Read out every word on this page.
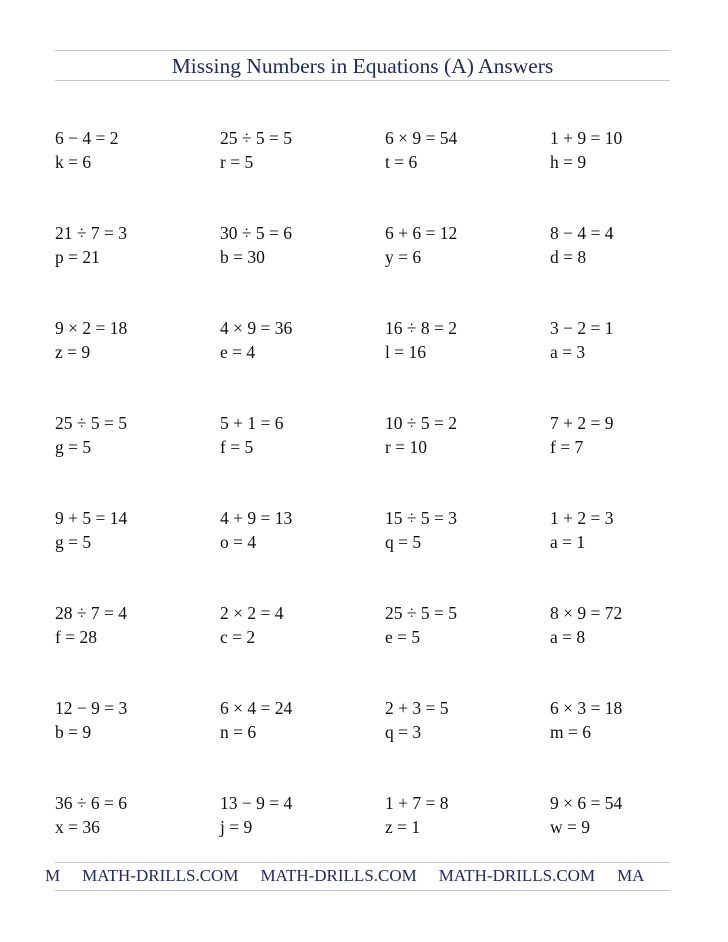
Missing Numbers in Equations (A) Answers
6 − 4 = 2
k = 6
25 ÷ 5 = 5
r = 5
6 × 9 = 54
t = 6
1 + 9 = 10
h = 9
21 ÷ 7 = 3
p = 21
30 ÷ 5 = 6
b = 30
6 + 6 = 12
y = 6
8 − 4 = 4
d = 8
9 × 2 = 18
z = 9
4 × 9 = 36
e = 4
16 ÷ 8 = 2
l = 16
3 − 2 = 1
a = 3
25 ÷ 5 = 5
g = 5
5 + 1 = 6
f = 5
10 ÷ 5 = 2
r = 10
7 + 2 = 9
f = 7
9 + 5 = 14
g = 5
4 + 9 = 13
o = 4
15 ÷ 5 = 3
q = 5
1 + 2 = 3
a = 1
28 ÷ 7 = 4
f = 28
2 × 2 = 4
c = 2
25 ÷ 5 = 5
e = 5
8 × 9 = 72
a = 8
12 − 9 = 3
b = 9
6 × 4 = 24
n = 6
2 + 3 = 5
q = 3
6 × 3 = 18
m = 6
36 ÷ 6 = 6
x = 36
13 − 9 = 4
j = 9
1 + 7 = 8
z = 1
9 × 6 = 54
w = 9
M MATH-DRILLS.COM MATH-DRILLS.COM MATH-DRILLS.COM MA
